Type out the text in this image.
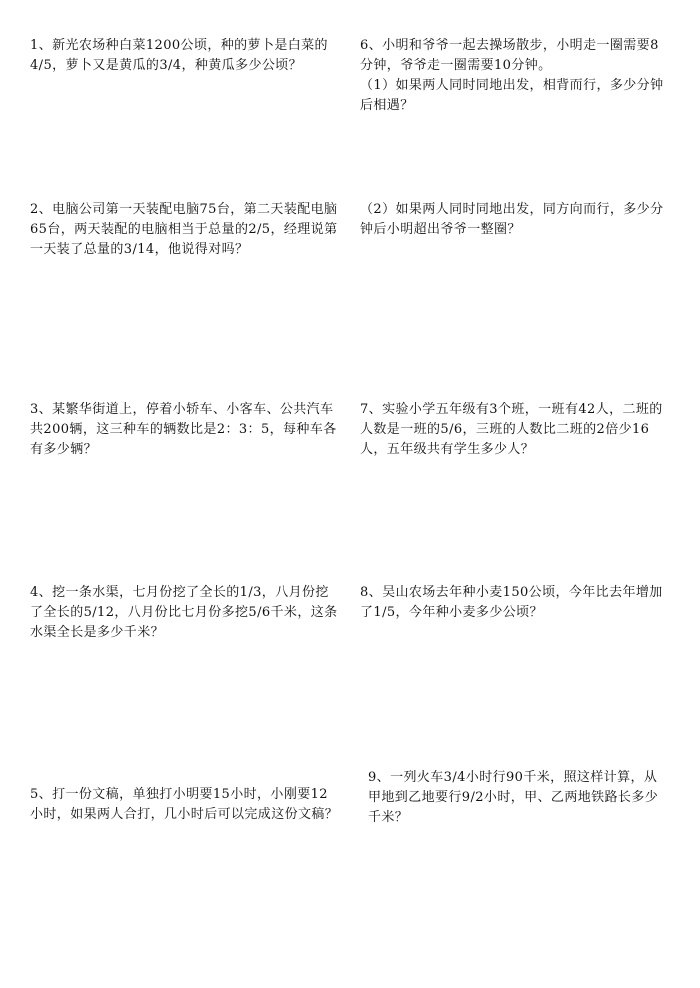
1、新光农场种白菜1200公顷，种的萝卜是白菜的4/5，萝卜又是黄瓜的3/4，种黄瓜多少公顷？

2、电脑公司第一天装配电脑75台，第二天装配电脑65台，两天装配的电脑相当于总量的2/5，经理说第一天装了总量的3/14，他说得对吗？

3、某繁华街道上，停着小轿车、小客车、公共汽车共200辆，这三种车的辆数比是2：3：5，每种车各有多少辆？

4、挖一条水渠，七月份挖了全长的1/3，八月份挖了全长的5/12，八月份比七月份多挖5/6千米，这条水渠全长是多少千米？

5、打一份文稿，单独打小明要15小时，小刚要12小时，如果两人合打，几小时后可以完成这份文稿？

6、小明和爷爷一起去操场散步，小明走一圈需要8分钟，爷爷走一圈需要10分钟。

（1）如果两人同时同地出发，相背而行，多少分钟后相遇？

（2）如果两人同时同地出发，同方向而行，多少分钟后小明超出爷爷一整圈？

7、实验小学五年级有3个班，一班有42人，二班的人数是一班的5/6，三班的人数比二班的2倍少16人，五年级共有学生多少人？

8、吴山农场去年种小麦150公顷，今年比去年增加了1/5，今年种小麦多少公顷？

9、一列火车3/4小时行90千米，照这样计算，从甲地到乙地要行9/2小时，甲、乙两地铁路长多少千米？
